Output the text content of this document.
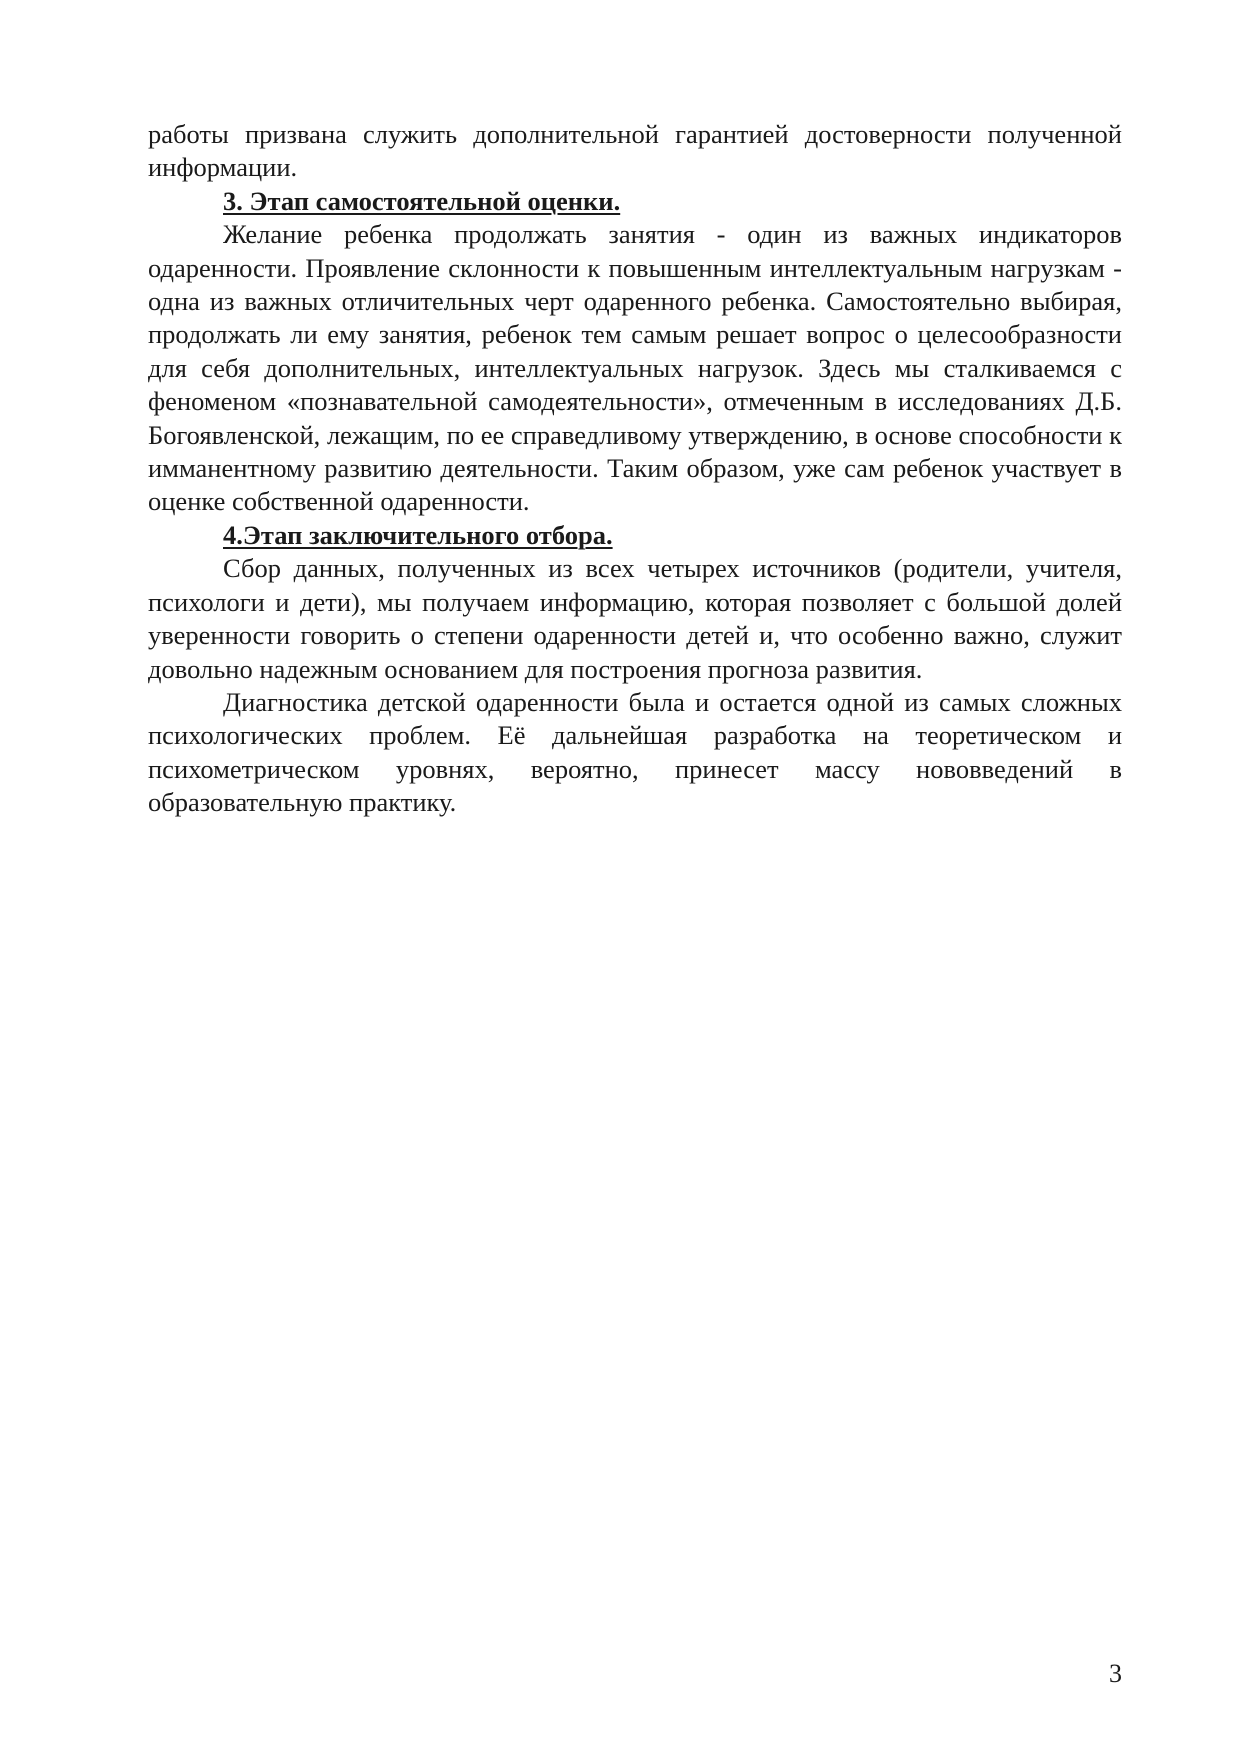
работы призвана служить дополнительной гарантией достоверности полученной информации.

3. Этап самостоятельной оценки.

Желание ребенка продолжать занятия - один из важных индикаторов одаренности. Проявление склонности к повышенным интеллектуальным нагрузкам - одна из важных отличительных черт одаренного ребенка. Самостоятельно выбирая, продолжать ли ему занятия, ребенок тем самым решает вопрос о целесообразности для себя дополнительных, интеллектуальных нагрузок. Здесь мы сталкиваемся с феноменом «познавательной самодеятельности», отмеченным в исследованиях Д.Б. Богоявленской, лежащим, по ее справедливому утверждению, в основе способности к имманентному развитию деятельности. Таким образом, уже сам ребенок участвует в оценке собственной одаренности.

4.Этап заключительного отбора.

Сбор данных, полученных из всех четырех источников (родители, учителя, психологи и дети), мы получаем информацию, которая позволяет с большой долей уверенности говорить о степени одаренности детей и, что особенно важно, служит довольно надежным основанием для построения прогноза развития.

Диагностика детской одаренности была и остается одной из самых сложных психологических проблем. Её дальнейшая разработка на теоретическом и психометрическом уровнях, вероятно, принесет массу нововведений в образовательную практику.

3
